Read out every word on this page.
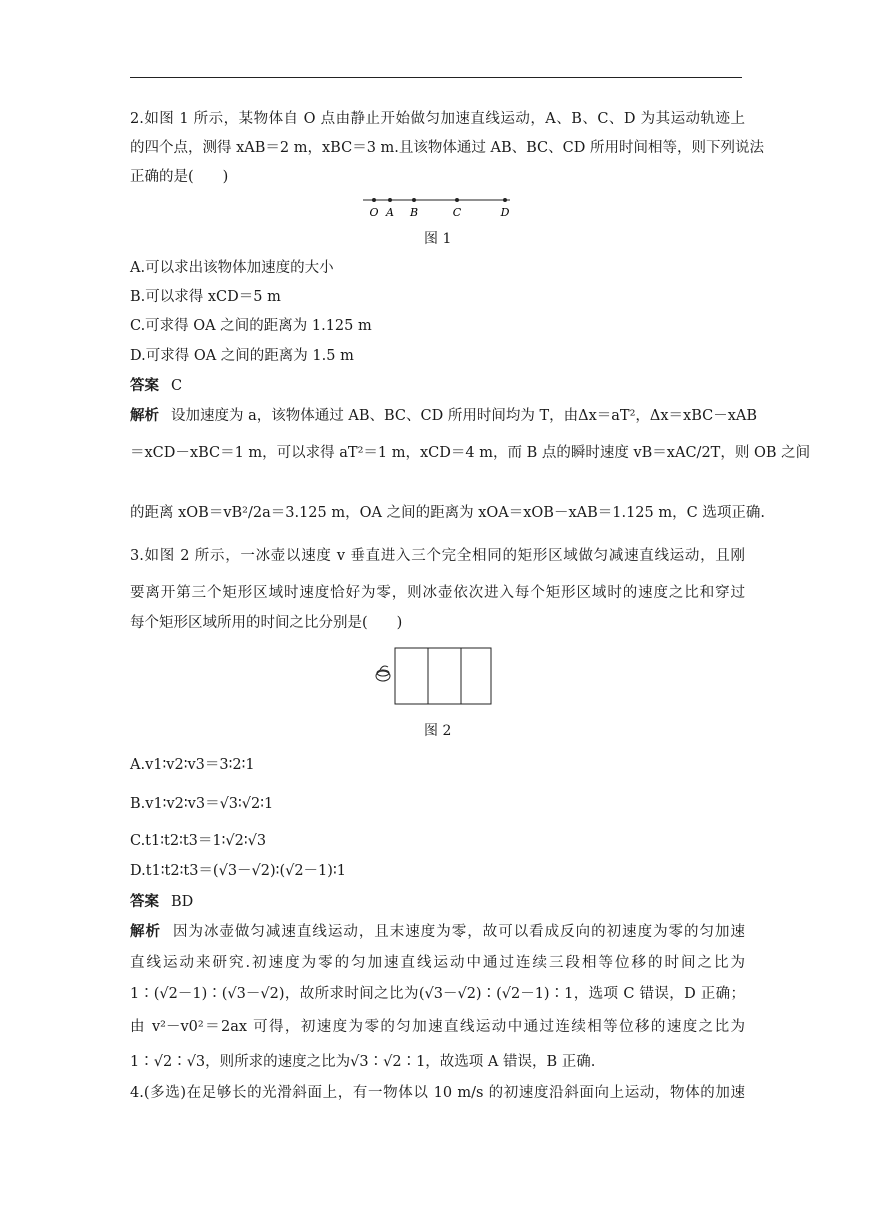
2.如图 1 所示，某物体自 O 点由静止开始做匀加速直线运动，A、B、C、D 为其运动轨迹上
的四个点，测得 xAB＝2 m，xBC＝3 m.且该物体通过 AB、BC、CD 所用时间相等，则下列说法
正确的是(　　)
O A B	C	D
图 1
A.可以求出该物体加速度的大小
B.可以求得 xCD＝5 m
C.可求得 OA 之间的距离为 1.125 m
D.可求得 OA 之间的距离为 1.5 m
答案 C
解析 设加速度为 a，该物体通过 AB、BC、CD 所用时间均为 T，由Δx＝aT²，Δx＝xBC－xAB
＝xCD－xBC＝1 m，可以求得 aT²＝1 m，xCD＝4 m，而 B 点的瞬时速度 vB＝xAC/2T，则 OB 之间
的距离 xOB＝vB²/2a＝3.125 m，OA 之间的距离为 xOA＝xOB－xAB＝1.125 m，C 选项正确.
3.如图 2 所示，一冰壶以速度 v 垂直进入三个完全相同的矩形区域做匀减速直线运动，且刚
要离开第三个矩形区域时速度恰好为零，则冰壶依次进入每个矩形区域时的速度之比和穿过
每个矩形区域所用的时间之比分别是(　　)
图 2
A.v1∶v2∶v3＝3∶2∶1
B.v1∶v2∶v3＝√3∶√2∶1
C.t1∶t2∶t3＝1∶√2∶√3
D.t1∶t2∶t3＝(√3－√2)∶(√2－1)∶1
答案 BD
解析 因为冰壶做匀减速直线运动，且末速度为零，故可以看成反向的初速度为零的匀加速
直线运动来研究.初速度为零的匀加速直线运动中通过连续三段相等位移的时间之比为
1∶(√2－1)∶(√3－√2)，故所求时间之比为(√3－√2)∶(√2－1)∶1，选项 C 错误，D 正确；
由 v²－v0²＝2ax 可得，初速度为零的匀加速直线运动中通过连续相等位移的速度之比为
1∶√2∶√3，则所求的速度之比为√3∶√2∶1，故选项 A 错误，B 正确.
4.(多选)在足够长的光滑斜面上，有一物体以 10 m/s 的初速度沿斜面向上运动，物体的加速
